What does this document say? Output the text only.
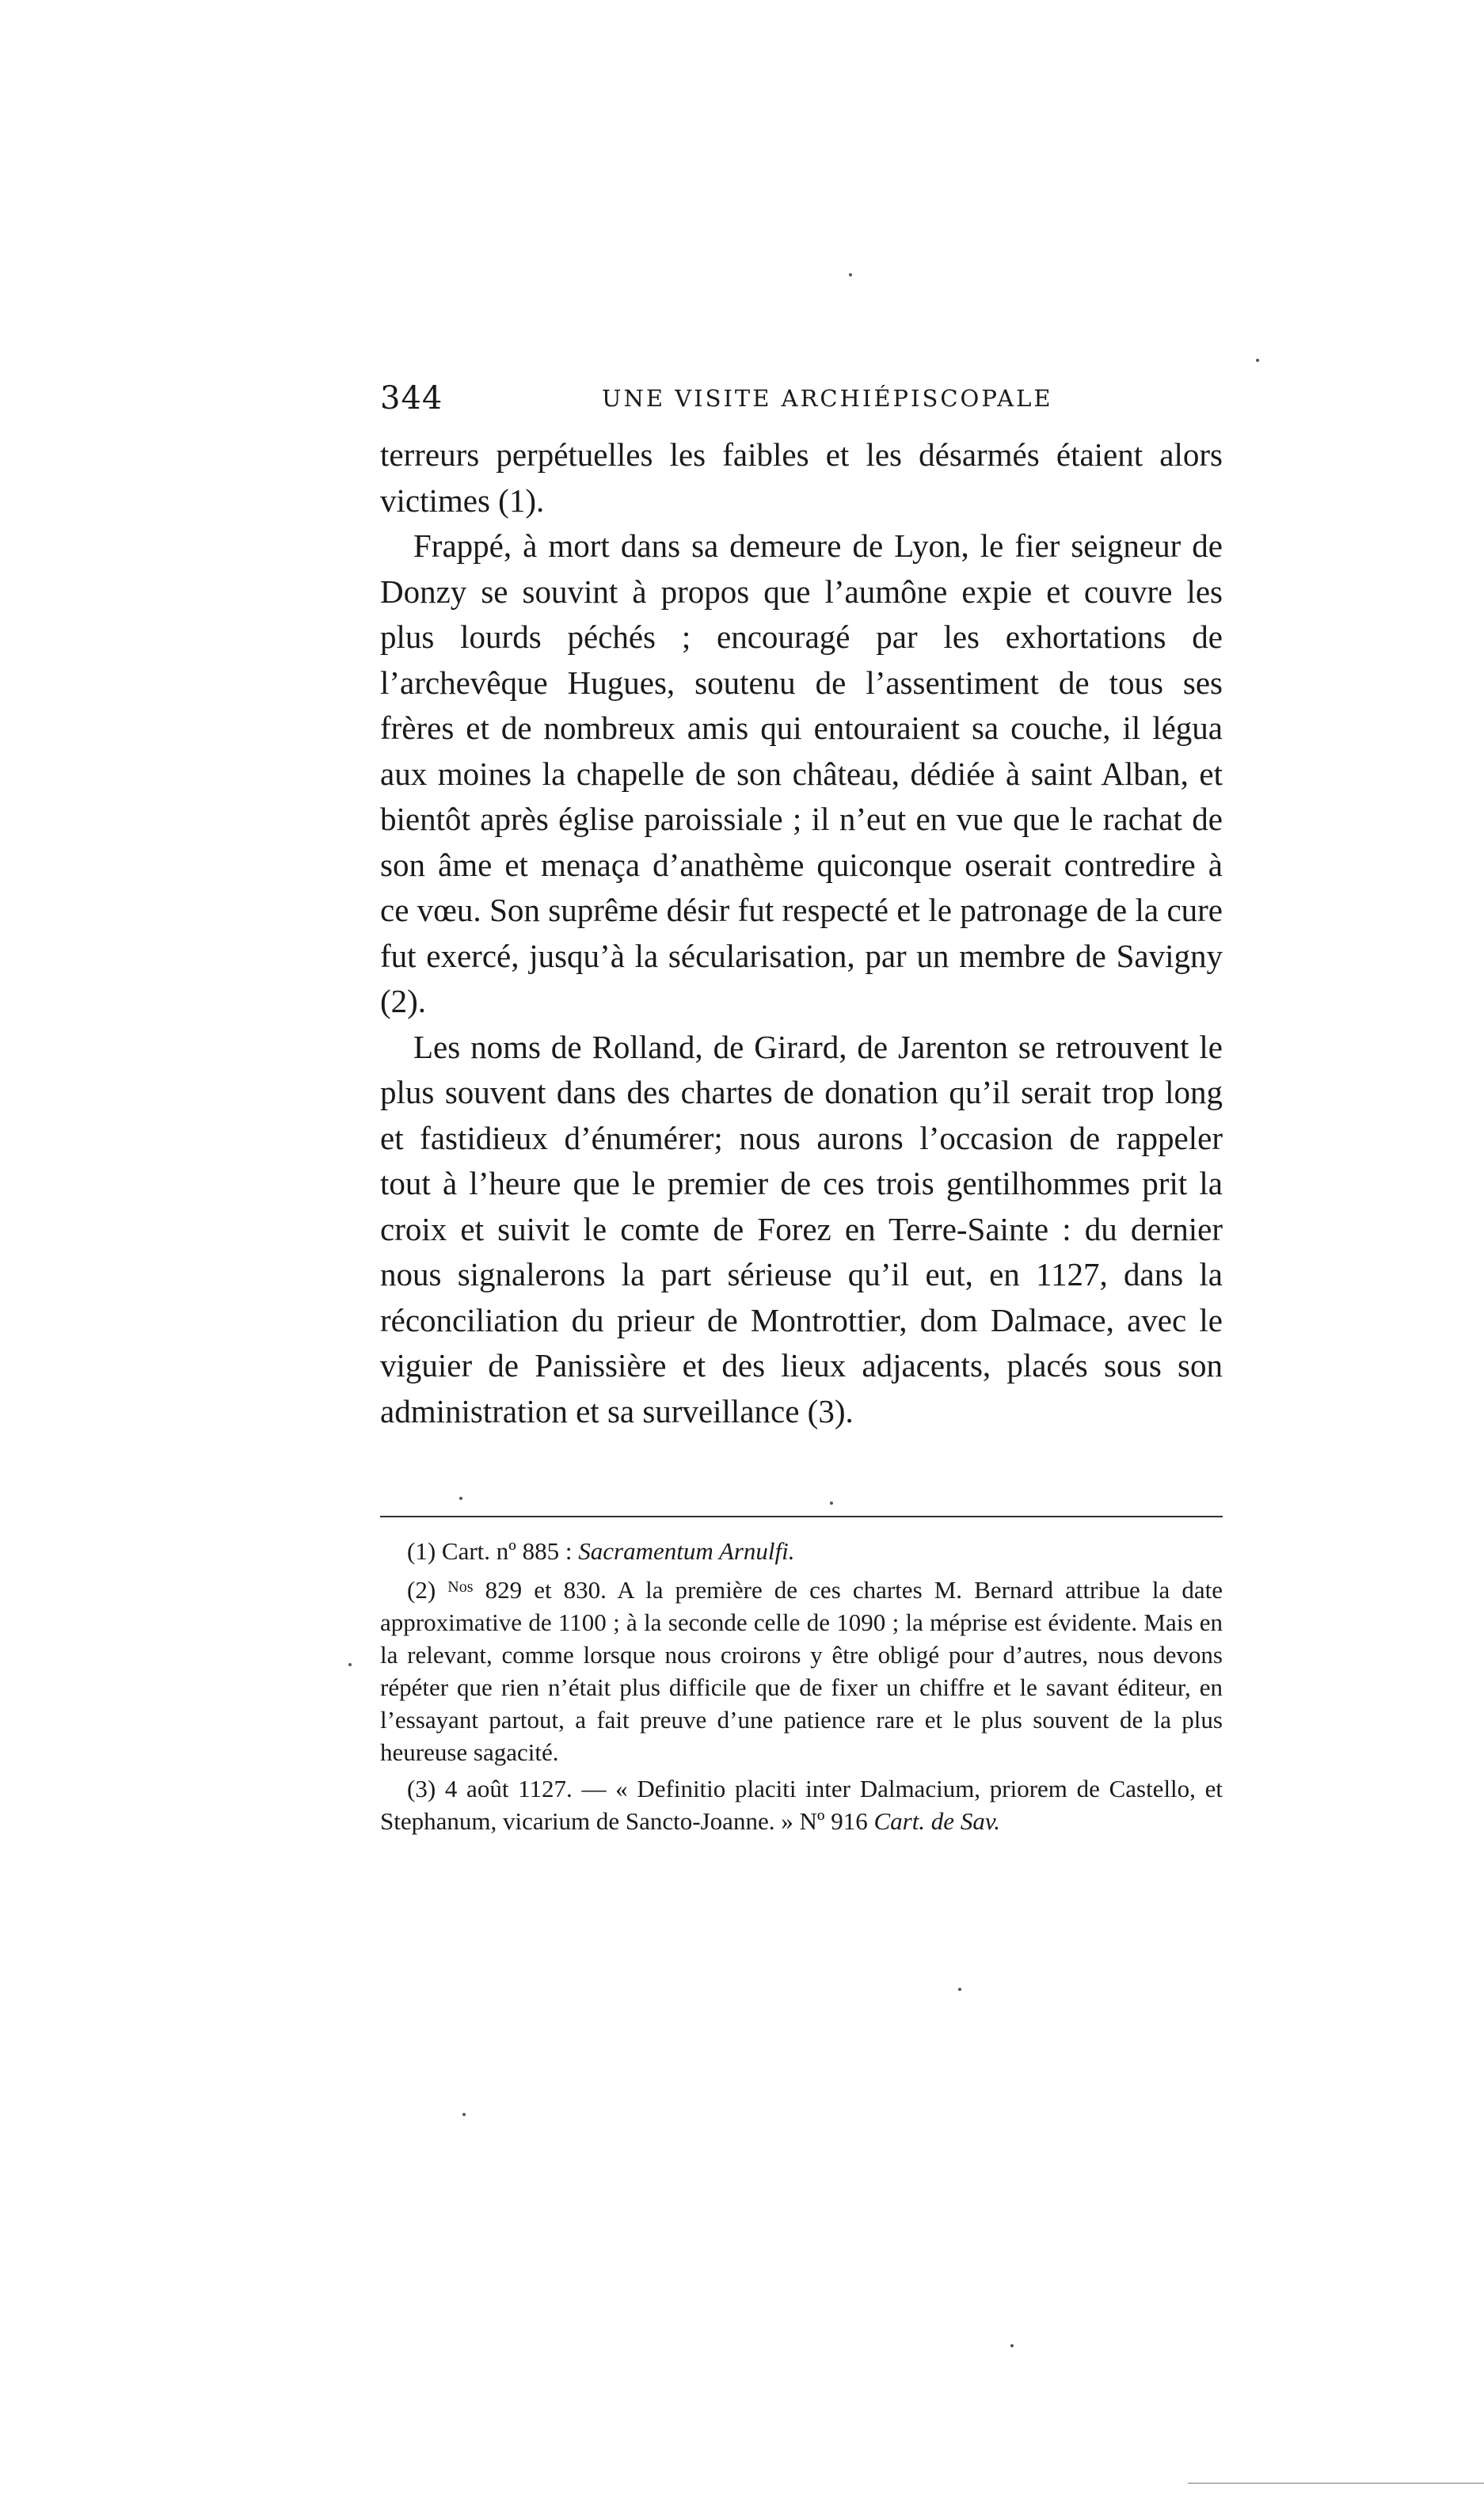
344	UNE VISITE ARCHIÉPISCOPALE

terreurs perpétuelles les faibles et les désarmés étaient alors victimes (1).

Frappé, à mort dans sa demeure de Lyon, le fier seigneur de Donzy se souvint à propos que l’aumône expie et couvre les plus lourds péchés ; encouragé par les exhortations de l’archevêque Hugues, soutenu de l’assentiment de tous ses frères et de nombreux amis qui entouraient sa couche, il légua aux moines la chapelle de son château, dédiée à saint Alban, et bientôt après église paroissiale ; il n’eut en vue que le rachat de son âme et menaça d’anathème quiconque oserait contredire à ce vœu. Son suprême désir fut respecté et le patronage de la cure fut exercé, jusqu’à la sécularisation, par un membre de Savigny (2).

Les noms de Rolland, de Girard, de Jarenton se retrouvent le plus souvent dans des chartes de donation qu’il serait trop long et fastidieux d’énumérer; nous aurons l’occasion de rappeler tout à l’heure que le premier de ces trois gentilhommes prit la croix et suivit le comte de Forez en Terre-Sainte : du dernier nous signalerons la part sérieuse qu’il eut, en 1127, dans la réconciliation du prieur de Montrottier, dom Dalmace, avec le viguier de Panissière et des lieux adjacents, placés sous son administration et sa surveillance (3).

(1) Cart. nº 885 : Sacramentum Arnulfi.

(2) $^{Nos}$ 829 et 830. A la première de ces chartes M. Bernard attribue la date approximative de 1100 ; à la seconde celle de 1090 ; la méprise est évidente. Mais en la relevant, comme lorsque nous croirons y être obligé pour d’autres, nous devons répéter que rien n’était plus difficile que de fixer un chiffre et le savant éditeur, en l’essayant partout, a fait preuve d’une patience rare et le plus souvent de la plus heureuse sagacité.

(3) 4 août 1127. — « Definitio placiti inter Dalmacium, priorem de Castello, et Stephanum, vicarium de Sancto-Joanne. » Nº 916 Cart. de Sav.
